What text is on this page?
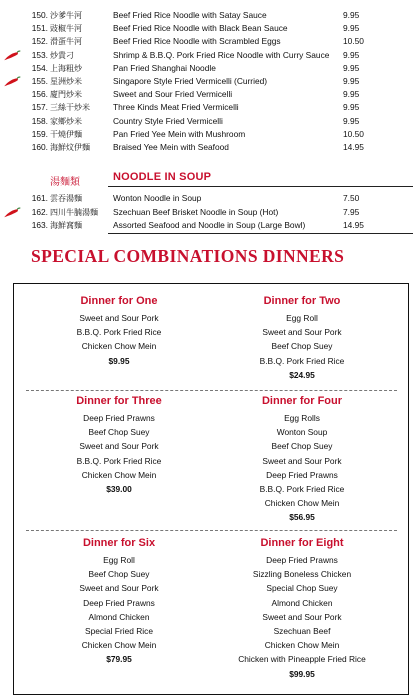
150. 沙爹牛河	Beef Fried Rice Noodle with Satay Sauce	9.95
151. 豉椒牛河	Beef Fried Rice Noodle with Black Bean Sauce	9.95
152. 滑蛋牛河	Beef Fried Rice Noodle with Scrambled Eggs	10.50
153. 炒貴刁	Shrimp & B.B.Q. Pork Fried Rice Noodle with Curry Sauce 9.95
154. 上海粗炒	Pan Fried Shanghai Noodle	9.95
155. 星洲炒米	Singapore Style Fried Vermicelli (Curried)	9.95
156. 廈門炒米	Sweet and Sour Fried Vermicelli	9.95
157. 三絲干炒米	Three Kinds Meat Fried Vermicelli	9.95
158. 家鄉炒米	Country Style Fried Vermicelli	9.95
159. 干燒伊麵	Pan Fried Yee Mein with Mushroom	10.50
160. 海鮮炆伊麵	Braised Yee Mein with Seafood	14.95
湯麵類	NOODLE IN SOUP
161. 雲吞湯麵	Wonton Noodle in Soup	7.50
162. 四川牛腩湯麵 Szechuan Beef Brisket Noodle in Soup (Hot)	7.95
163. 海鮮窩麵	Assorted Seafood and Noodle in Soup (Large Bowl)	14.95
SPECIAL COMBINATIONS DINNERS
Dinner for One
Sweet and Sour Pork
B.B.Q. Pork Fried Rice
Chicken Chow Mein
$9.95
Dinner for Two
Egg Roll
Sweet and Sour Pork
Beef Chop Suey
B.B.Q. Pork Fried Rice
$24.95
Dinner for Three
Deep Fried Prawns
Beef Chop Suey
Sweet and Sour Pork
B.B.Q. Pork Fried Rice
Chicken Chow Mein
$39.00
Dinner for Four
Egg Rolls
Wonton Soup
Beef Chop Suey
Sweet and Sour Pork
Deep Fried Prawns
B.B.Q. Pork Fried Rice
Chicken Chow Mein
$56.95
Dinner for Six
Egg Roll
Beef Chop Suey
Sweet and Sour Pork
Deep Fried Prawns
Almond Chicken
Special Fried Rice
Chicken Chow Mein
$79.95
Dinner for Eight
Deep Fried Prawns
Sizzling Boneless Chicken
Special Chop Suey
Almond Chicken
Sweet and Sour Pork
Szechuan Beef
Chicken Chow Mein
Chicken with Pineapple Fried Rice
$99.95
